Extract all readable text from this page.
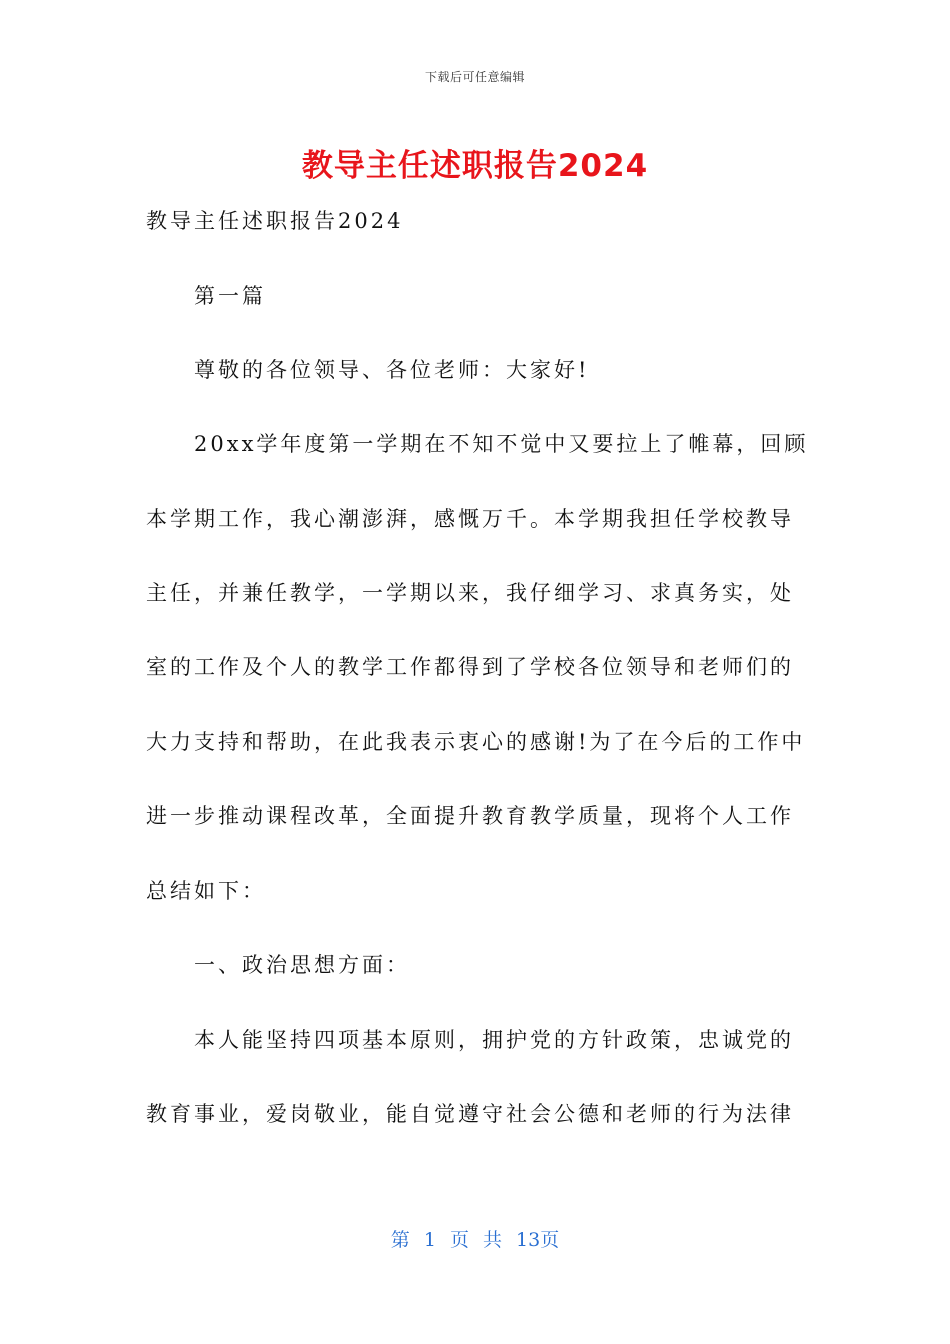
下载后可任意编辑
教导主任述职报告2024
教导主任述职报告2024
第一篇
尊敬的各位领导、各位老师：大家好!
20xx学年度第一学期在不知不觉中又要拉上了帷幕，回顾
本学期工作，我心潮澎湃，感慨万千。本学期我担任学校教导
主任，并兼任教学，一学期以来，我仔细学习、求真务实，处
室的工作及个人的教学工作都得到了学校各位领导和老师们的
大力支持和帮助，在此我表示衷心的感谢!为了在今后的工作中
进一步推动课程改革，全面提升教育教学质量，现将个人工作
总结如下：
一、政治思想方面：
本人能坚持四项基本原则，拥护党的方针政策，忠诚党的
教育事业，爱岗敬业，能自觉遵守社会公德和老师的行为法律
第 1 页 共 13页
